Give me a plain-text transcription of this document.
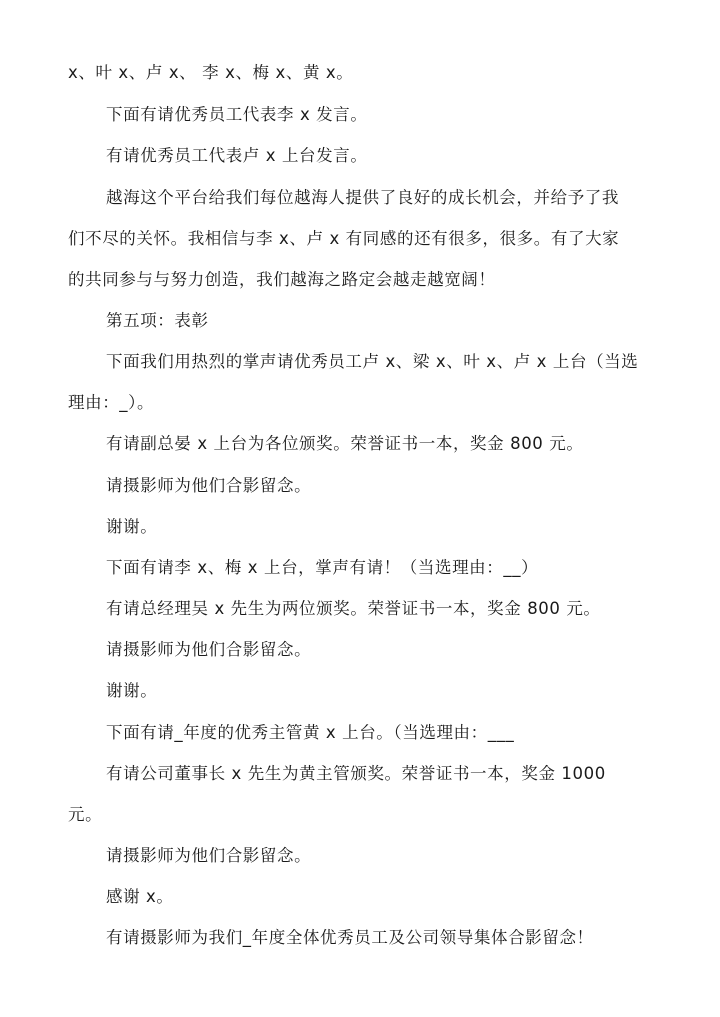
x、叶 x、卢 x、 李 x、梅 x、黄 x。
下面有请优秀员工代表李 x 发言。
有请优秀员工代表卢 x 上台发言。
越海这个平台给我们每位越海人提供了良好的成长机会，并给予了我
们不尽的关怀。我相信与李 x、卢 x 有同感的还有很多，很多。有了大家
的共同参与与努力创造，我们越海之路定会越走越宽阔！
第五项：表彰
下面我们用热烈的掌声请优秀员工卢 x、梁 x、叶 x、卢 x 上台（当选
理由：_）。
有请副总晏 x 上台为各位颁奖。荣誉证书一本，奖金 800 元。
请摄影师为他们合影留念。
谢谢。
下面有请李 x、梅 x 上台，掌声有请！（当选理由：__）
有请总经理吴 x 先生为两位颁奖。荣誉证书一本，奖金 800 元。
请摄影师为他们合影留念。
谢谢。
下面有请_年度的优秀主管黄 x 上台。（当选理由：___
有请公司董事长 x 先生为黄主管颁奖。荣誉证书一本，奖金 1000
元。
请摄影师为他们合影留念。
感谢 x。
有请摄影师为我们_年度全体优秀员工及公司领导集体合影留念！
